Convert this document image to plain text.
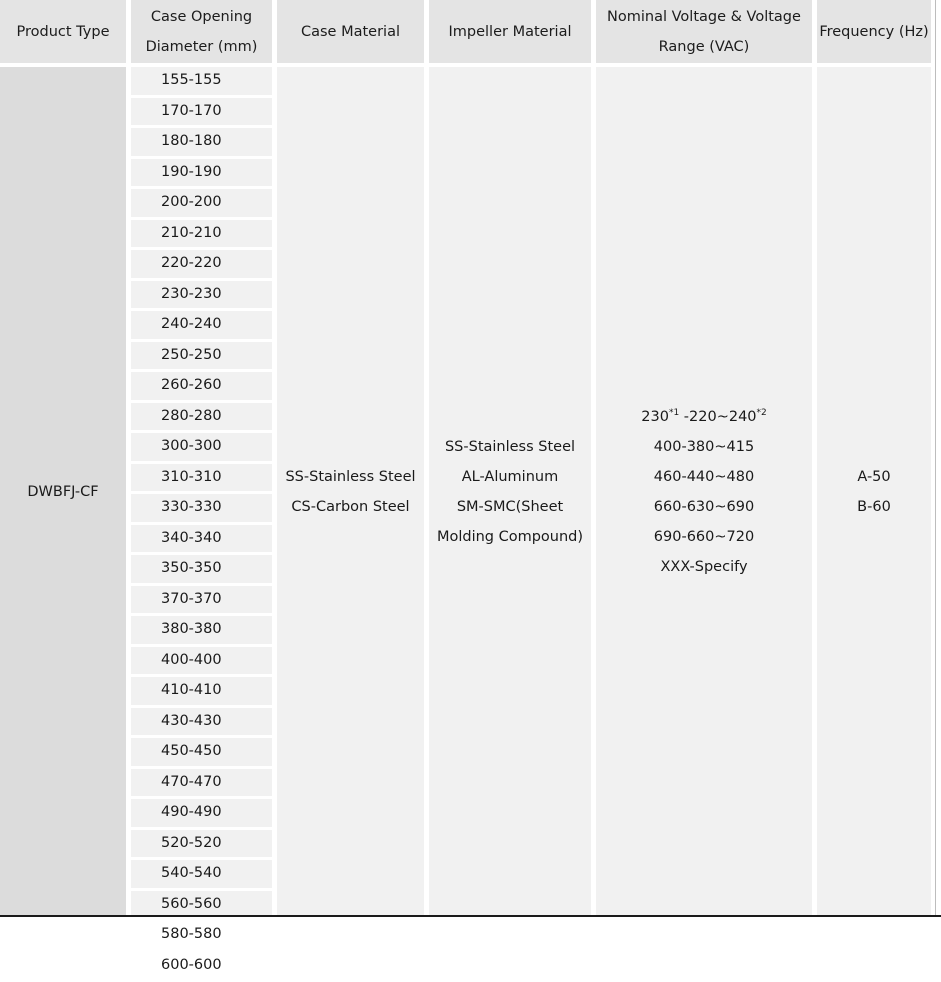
Product Type
Case Opening
Diameter (mm)
Case Material	Impeller Material
Nominal Voltage & Voltage
Range (VAC)
Frequency (Hz)
DWBFJ-CF
155-155
170-170
180-180
190-190
200-200
210-210
220-220
230-230
240-240
250-250
260-260
280-280
300-300
310-310
330-330
340-340
350-350
370-370
380-380
400-400
410-410
430-430
450-450
470-470
490-490
520-520
540-540
560-560
580-580
600-600
SS-Stainless Steel
CS-Carbon Steel
SS-Stainless Steel
AL-Aluminum
SM-SMC(Sheet
Molding Compound)
230$^{*1}$ -220~240$^{*2}$
400-380~415
460-440~480
660-630~690
690-660~720
XXX-Specify
A-50
B-60
